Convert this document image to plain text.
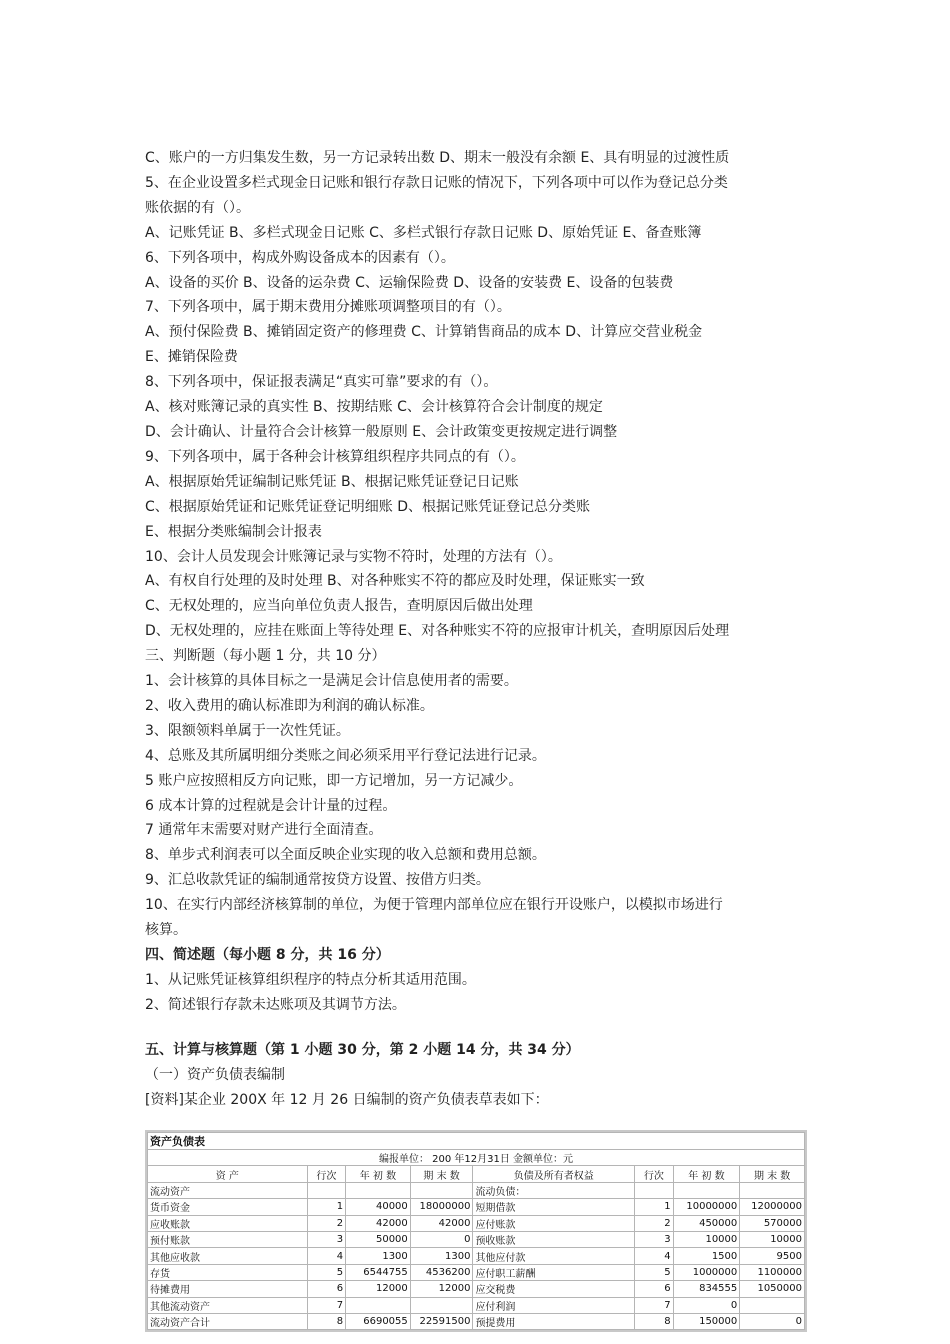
C、账户的一方归集发生数，另一方记录转出数 D、期末一般没有余额 E、具有明显的过渡性质
5、在企业设置多栏式现金日记账和银行存款日记账的情况下，下列各项中可以作为登记总分类
账依据的有（）。
A、记账凭证 B、多栏式现金日记账 C、多栏式银行存款日记账 D、原始凭证 E、备查账簿
6、下列各项中，构成外购设备成本的因素有（）。
A、设备的买价 B、设备的运杂费 C、运输保险费 D、设备的安装费 E、设备的包装费
7、下列各项中，属于期末费用分摊账项调整项目的有（）。
A、预付保险费 B、摊销固定资产的修理费 C、计算销售商品的成本 D、计算应交营业税金
E、摊销保险费
8、下列各项中，保证报表满足“真实可靠”要求的有（）。
A、核对账簿记录的真实性 B、按期结账 C、会计核算符合会计制度的规定
D、会计确认、计量符合会计核算一般原则 E、会计政策变更按规定进行调整
9、下列各项中，属于各种会计核算组织程序共同点的有（）。
A、根据原始凭证编制记账凭证 B、根据记账凭证登记日记账
C、根据原始凭证和记账凭证登记明细账 D、根据记账凭证登记总分类账
E、根据分类账编制会计报表
10、会计人员发现会计账簿记录与实物不符时，处理的方法有（）。
A、有权自行处理的及时处理 B、对各种账实不符的都应及时处理，保证账实一致
C、无权处理的，应当向单位负责人报告，查明原因后做出处理
D、无权处理的，应挂在账面上等待处理 E、对各种账实不符的应报审计机关，查明原因后处理
三、判断题（每小题 1 分，共 10 分）
1、会计核算的具体目标之一是满足会计信息使用者的需要。
2、收入费用的确认标准即为利润的确认标准。
3、限额领料单属于一次性凭证。
4、总账及其所属明细分类账之间必须采用平行登记法进行记录。
5 账户应按照相反方向记账，即一方记增加，另一方记减少。
6 成本计算的过程就是会计计量的过程。
7 通常年末需要对财产进行全面清查。
8、单步式利润表可以全面反映企业实现的收入总额和费用总额。
9、汇总收款凭证的编制通常按贷方设置、按借方归类。
10、在实行内部经济核算制的单位，为便于管理内部单位应在银行开设账户，以模拟市场进行
核算。
四、简述题（每小题 8 分，共 16 分）
1、从记账凭证核算组织程序的特点分析其适用范围。
2、简述银行存款未达账项及其调节方法。
五、计算与核算题（第 1 小题 30 分，第 2 小题 14 分，共 34 分）
（一）资产负债表编制
[资料]某企业 200X 年 12 月 26 日编制的资产负债表草表如下：
资产负债表							
编报单位： 200 年12月31日 金额单位：元							
资 产	行次	年 初 数	期 末 数	负债及所有者权益	行次	年 初 数	期 末 数
流动资产				流动负债：			
货币资金	1	40000	18000000	短期借款	1	10000000	12000000
应收账款	2	42000	42000	应付账款	2	450000	570000
预付账款	3	50000	0	预收账款	3	10000	10000
其他应收款	4	1300	1300	其他应付款	4	1500	9500
存货	5	6544755	4536200	应付职工薪酬	5	1000000	1100000
待摊费用	6	12000	12000	应交税费	6	834555	1050000
其他流动资产	7			应付利润	7	0	
流动资产合计	8	6690055	22591500	预提费用	8	150000	0
